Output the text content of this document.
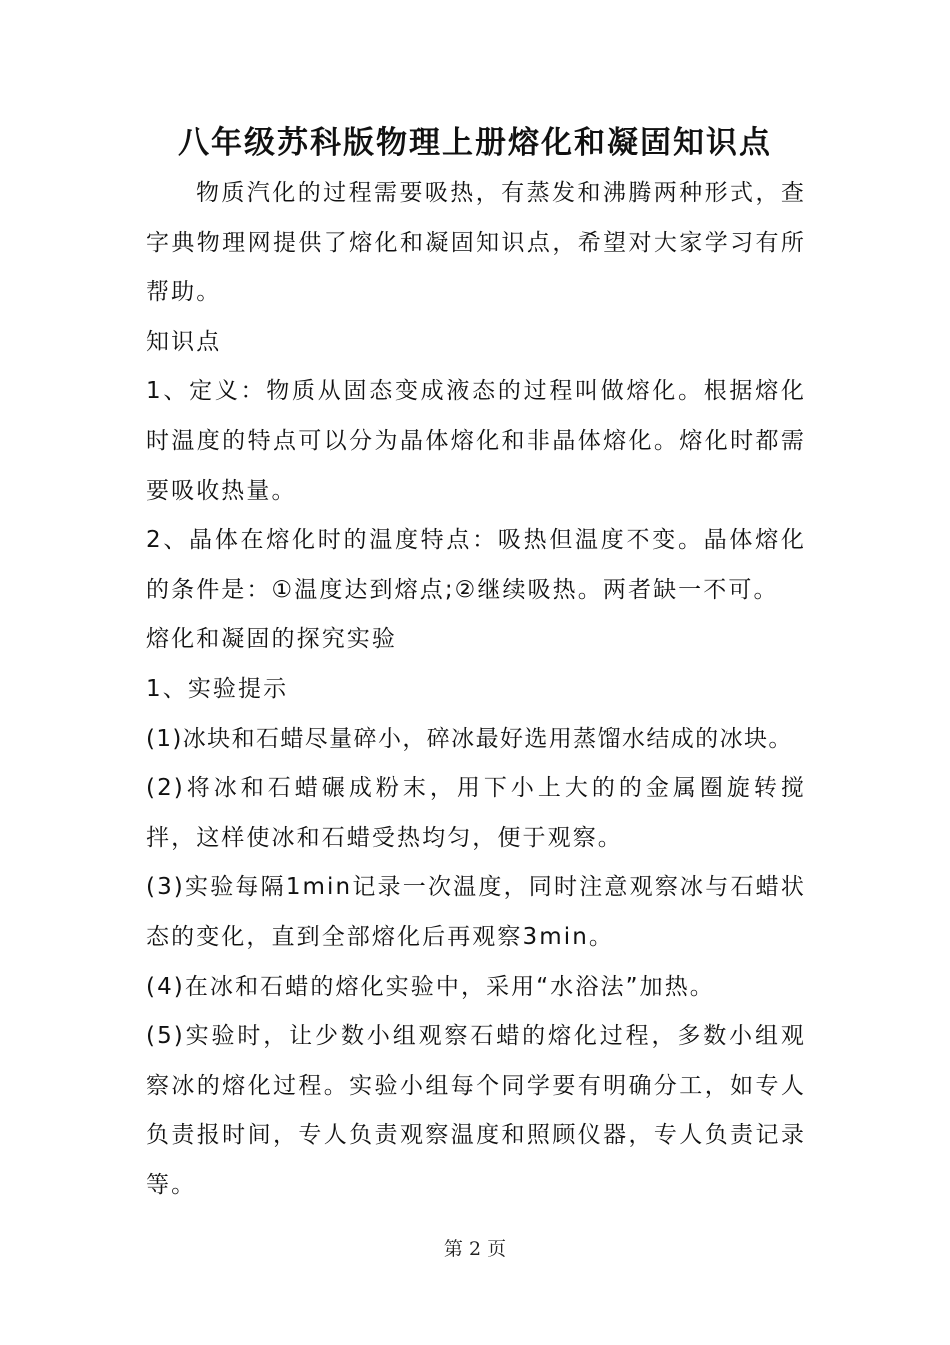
八年级苏科版物理上册熔化和凝固知识点

物质汽化的过程需要吸热，有蒸发和沸腾两种形式，查字典物理网提供了熔化和凝固知识点，希望对大家学习有所帮助。

知识点

1、定义：物质从固态变成液态的过程叫做熔化。根据熔化时温度的特点可以分为晶体熔化和非晶体熔化。熔化时都需要吸收热量。

2、晶体在熔化时的温度特点：吸热但温度不变。晶体熔化的条件是：①温度达到熔点;②继续吸热。两者缺一不可。

熔化和凝固的探究实验

1、实验提示

(1)冰块和石蜡尽量碎小，碎冰最好选用蒸馏水结成的冰块。

(2)将冰和石蜡碾成粉末，用下小上大的的金属圈旋转搅拌，这样使冰和石蜡受热均匀，便于观察。

(3)实验每隔1min记录一次温度，同时注意观察冰与石蜡状态的变化，直到全部熔化后再观察3min。

(4)在冰和石蜡的熔化实验中，采用“水浴法”加热。

(5)实验时，让少数小组观察石蜡的熔化过程，多数小组观察冰的熔化过程。实验小组每个同学要有明确分工，如专人负责报时间，专人负责观察温度和照顾仪器，专人负责记录等。

第 2 页
